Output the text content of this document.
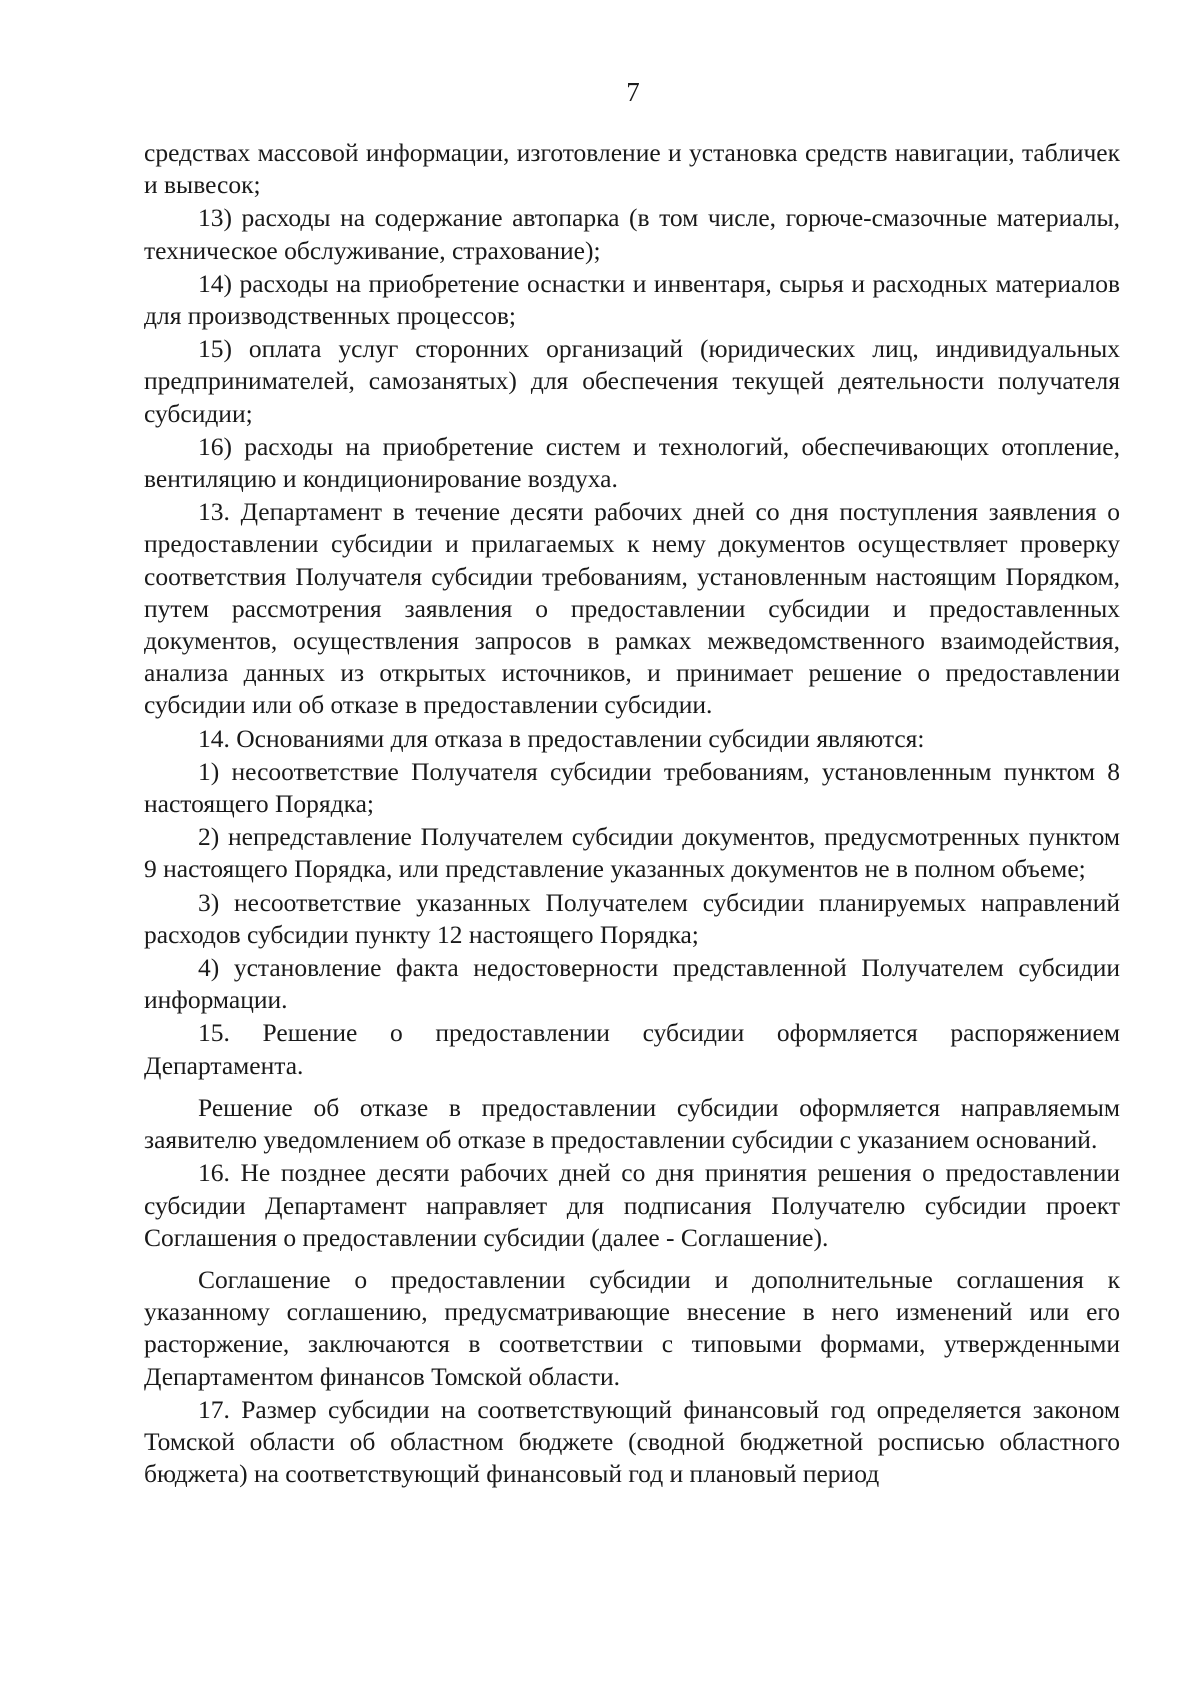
7

средствах массовой информации, изготовление и установка средств навигации, табличек и вывесок;

13) расходы на содержание автопарка (в том числе, горюче-смазочные материалы, техническое обслуживание, страхование);

14) расходы на приобретение оснастки и инвентаря, сырья и расходных материалов для производственных процессов;

15) оплата услуг сторонних организаций (юридических лиц, индивидуальных предпринимателей, самозанятых) для обеспечения текущей деятельности получателя субсидии;

16) расходы на приобретение систем и технологий, обеспечивающих отопление, вентиляцию и кондиционирование воздуха.

13. Департамент в течение десяти рабочих дней со дня поступления заявления о предоставлении субсидии и прилагаемых к нему документов осуществляет проверку соответствия Получателя субсидии требованиям, установленным настоящим Порядком, путем рассмотрения заявления о предоставлении субсидии и предоставленных документов, осуществления запросов в рамках межведомственного взаимодействия, анализа данных из открытых источников, и принимает решение о предоставлении субсидии или об отказе в предоставлении субсидии.

14. Основаниями для отказа в предоставлении субсидии являются:

1) несоответствие Получателя субсидии требованиям, установленным пунктом 8 настоящего Порядка;

2) непредставление Получателем субсидии документов, предусмотренных пунктом 9 настоящего Порядка, или представление указанных документов не в полном объеме;

3) несоответствие указанных Получателем субсидии планируемых направлений расходов субсидии пункту 12 настоящего Порядка;

4) установление факта недостоверности представленной Получателем субсидии информации.

15. Решение о предоставлении субсидии оформляется распоряжением Департамента.

Решение об отказе в предоставлении субсидии оформляется направляемым заявителю уведомлением об отказе в предоставлении субсидии с указанием оснований.

16. Не позднее десяти рабочих дней со дня принятия решения о предоставлении субсидии Департамент направляет для подписания Получателю субсидии проект Соглашения о предоставлении субсидии (далее - Соглашение).

Соглашение о предоставлении субсидии и дополнительные соглашения к указанному соглашению, предусматривающие внесение в него изменений или его расторжение, заключаются в соответствии с типовыми формами, утвержденными Департаментом финансов Томской области.

17. Размер субсидии на соответствующий финансовый год определяется законом Томской области об областном бюджете (сводной бюджетной росписью областного бюджета) на соответствующий финансовый год и плановый период
